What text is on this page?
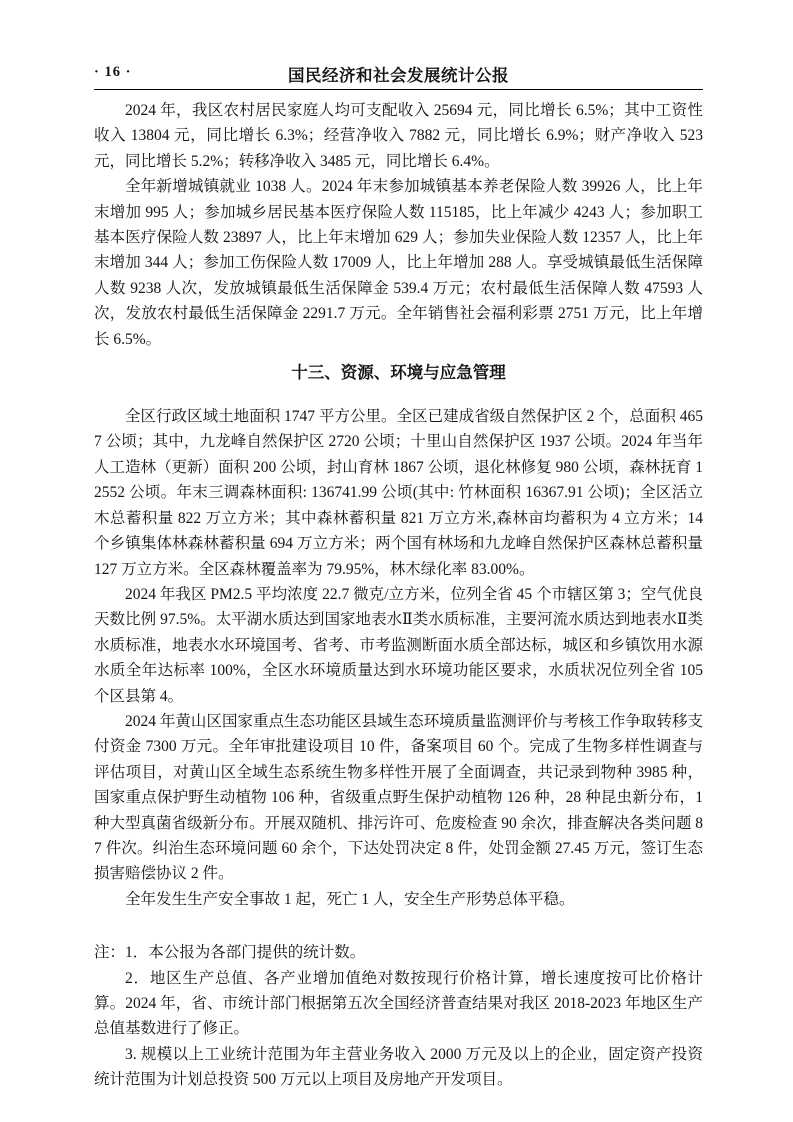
· 16 ·	国民经济和社会发展统计公报

2024 年，我区农村居民家庭人均可支配收入 25694 元，同比增长 6.5%；其中工资性收入 13804 元，同比增长 6.3%；经营净收入 7882 元，同比增长 6.9%；财产净收入 523 元，同比增长 5.2%；转移净收入 3485 元，同比增长 6.4%。

全年新增城镇就业 1038 人。2024 年末参加城镇基本养老保险人数 39926 人，比上年末增加 995 人；参加城乡居民基本医疗保险人数 115185，比上年减少 4243 人；参加职工基本医疗保险人数 23897 人，比上年末增加 629 人；参加失业保险人数 12357 人，比上年末增加 344 人；参加工伤保险人数 17009 人，比上年增加 288 人。享受城镇最低生活保障人数 9238 人次，发放城镇最低生活保障金 539.4 万元；农村最低生活保障人数 47593 人次，发放农村最低生活保障金 2291.7 万元。全年销售社会福利彩票 2751 万元，比上年增长 6.5%。

十三、资源、环境与应急管理

全区行政区域土地面积 1747 平方公里。全区已建成省级自然保护区 2 个，总面积 4657 公顷；其中，九龙峰自然保护区 2720 公顷；十里山自然保护区 1937 公顷。2024 年当年人工造林（更新）面积 200 公顷，封山育林 1867 公顷，退化林修复 980 公顷，森林抚育 12552 公顷。年末三调森林面积: 136741.99 公顷(其中: 竹林面积 16367.91 公顷)；全区活立木总蓄积量 822 万立方米；其中森林蓄积量 821 万立方米,森林亩均蓄积为 4 立方米；14 个乡镇集体林森林蓄积量 694 万立方米；两个国有林场和九龙峰自然保护区森林总蓄积量 127 万立方米。全区森林覆盖率为 79.95%，林木绿化率 83.00%。

2024 年我区 PM2.5 平均浓度 22.7 微克/立方米，位列全省 45 个市辖区第 3；空气优良天数比例 97.5%。太平湖水质达到国家地表水Ⅱ类水质标准，主要河流水质达到地表水Ⅱ类水质标准，地表水水环境国考、省考、市考监测断面水质全部达标，城区和乡镇饮用水源水质全年达标率 100%，全区水环境质量达到水环境功能区要求，水质状况位列全省 105 个区县第 4。

2024 年黄山区国家重点生态功能区县域生态环境质量监测评价与考核工作争取转移支付资金 7300 万元。全年审批建设项目 10 件，备案项目 60 个。完成了生物多样性调查与评估项目，对黄山区全域生态系统生物多样性开展了全面调查，共记录到物种 3985 种，国家重点保护野生动植物 106 种，省级重点野生保护动植物 126 种，28 种昆虫新分布，1 种大型真菌省级新分布。开展双随机、排污许可、危废检查 90 余次，排查解决各类问题 87 件次。纠治生态环境问题 60 余个，下达处罚决定 8 件，处罚金额 27.45 万元，签订生态损害赔偿协议 2 件。

全年发生生产安全事故 1 起，死亡 1 人，安全生产形势总体平稳。

注：1．本公报为各部门提供的统计数。

2．地区生产总值、各产业增加值绝对数按现行价格计算，增长速度按可比价格计算。2024 年，省、市统计部门根据第五次全国经济普查结果对我区 2018-2023 年地区生产总值基数进行了修正。

3. 规模以上工业统计范围为年主营业务收入 2000 万元及以上的企业，固定资产投资统计范围为计划总投资 500 万元以上项目及房地产开发项目。
